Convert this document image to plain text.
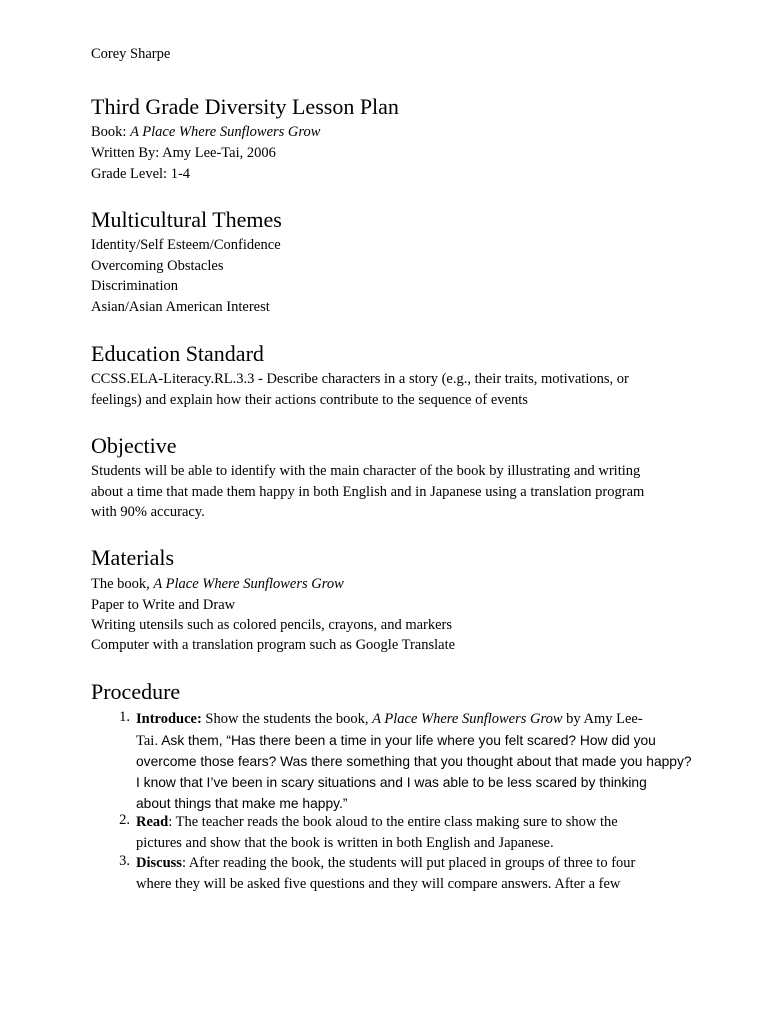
Corey Sharpe
Third Grade Diversity Lesson Plan
Book: A Place Where Sunflowers Grow
Written By: Amy Lee-Tai, 2006
Grade Level: 1-4
Multicultural Themes
Identity/Self Esteem/Confidence
Overcoming Obstacles
Discrimination
Asian/Asian American Interest
Education Standard
CCSS.ELA-Literacy.RL.3.3 - Describe characters in a story (e.g., their traits, motivations, or
feelings) and explain how their actions contribute to the sequence of events
Objective
Students will be able to identify with the main character of the book by illustrating and writing
about a time that made them happy in both English and in Japanese using a translation program
with 90% accuracy.
Materials
The book, A Place Where Sunflowers Grow
Paper to Write and Draw
Writing utensils such as colored pencils, crayons, and markers
Computer with a translation program such as Google Translate
Procedure
1. Introduce: Show the students the book, A Place Where Sunflowers Grow by Amy Lee-
Tai. Ask them, “Has there been a time in your life where you felt scared? How did you
overcome those fears? Was there something that you thought about that made you happy?
I know that I’ve been in scary situations and I was able to be less scared by thinking
about things that make me happy.”
2. Read: The teacher reads the book aloud to the entire class making sure to show the
pictures and show that the book is written in both English and Japanese.
3. Discuss: After reading the book, the students will put placed in groups of three to four
where they will be asked five questions and they will compare answers. After a few
